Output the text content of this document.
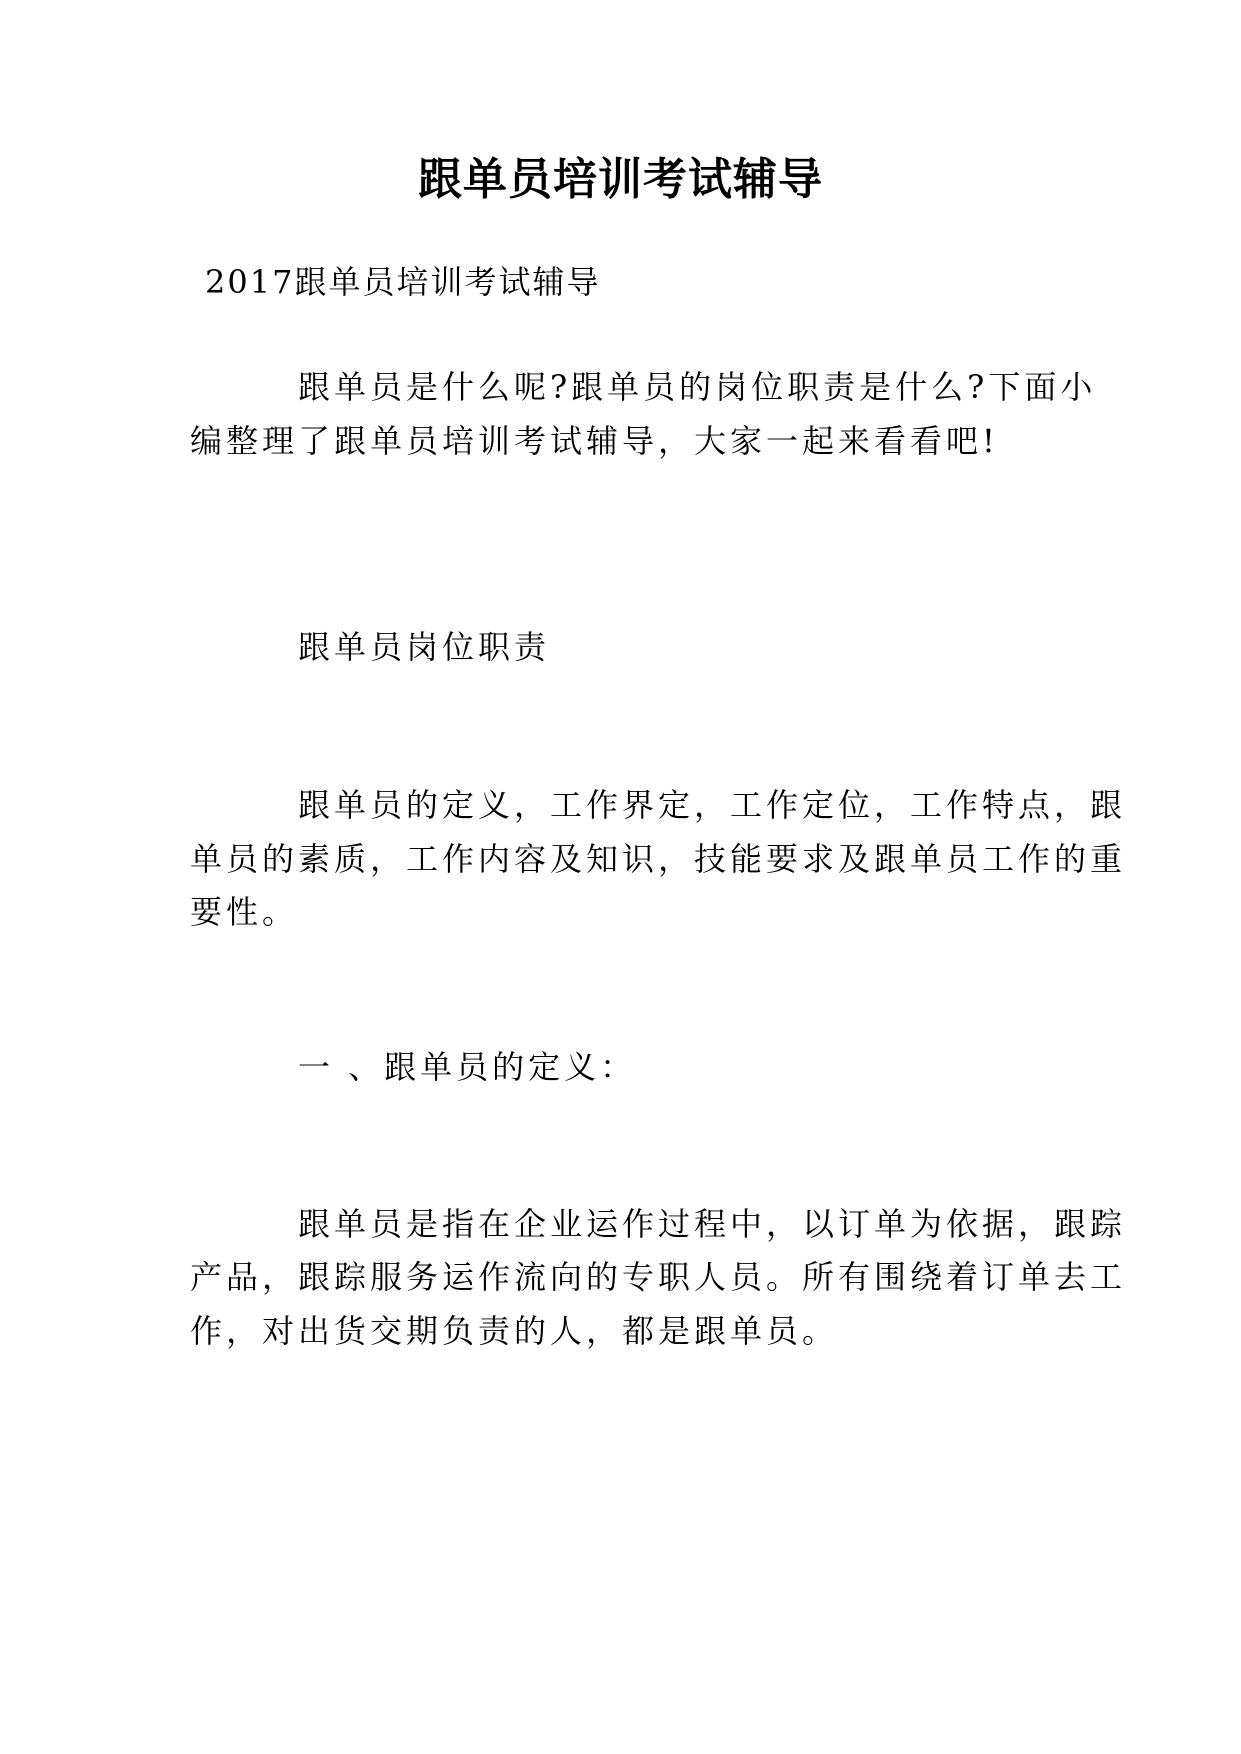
跟单员培训考试辅导

2017跟单员培训考试辅导

跟单员是什么呢?跟单员的岗位职责是什么?下面小

编整理了跟单员培训考试辅导，大家一起来看看吧!

跟单员岗位职责

跟单员的定义，工作界定，工作定位，工作特点，跟

单员的素质，工作内容及知识，技能要求及跟单员工作的重

要性。

一 、跟单员的定义：

跟单员是指在企业运作过程中，以订单为依据，跟踪

产品，跟踪服务运作流向的专职人员。所有围绕着订单去工

作，对出货交期负责的人，都是跟单员。
